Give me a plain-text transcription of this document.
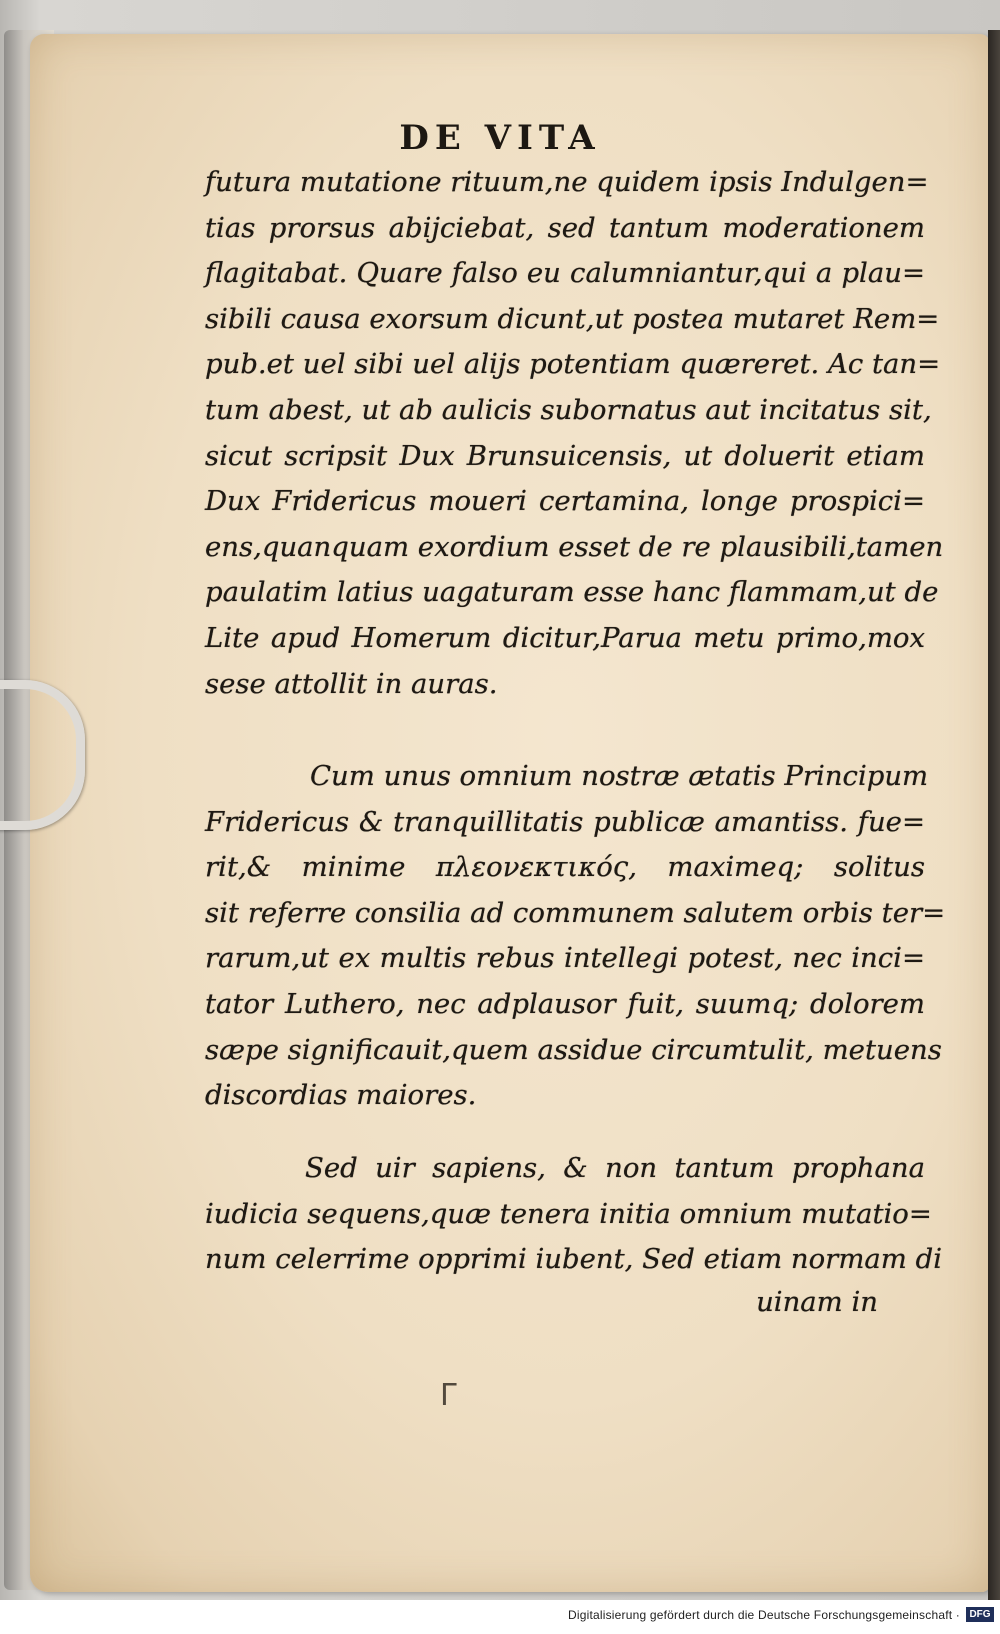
DE VITA
futura mutatione rituum,ne quidem ipsis Indulgen=
tias prorsus abijciebat, sed tantum moderationem
flagitabat. Quare falso eu calumniantur,qui a plau=
sibili causa exorsum dicunt,ut postea mutaret Rem=
pub.et uel sibi uel alijs potentiam quæreret. Ac tan=
tum abest, ut ab aulicis subornatus aut incitatus sit,
sicut scripsit Dux Brunsuicensis, ut doluerit etiam
Dux Fridericus moueri certamina, longe prospici=
ens,quanquam exordium esset de re plausibili,tamen
paulatim latius uagaturam esse hanc flammam,ut de
Lite apud Homerum dicitur,Parua metu primo,mox
sese attollit in auras.
Cum unus omnium nostræ ætatis Principum
Fridericus & tranquillitatis publicæ amantiss. fue=
rit,& minime πλεονεκτικός, maximeq; solitus
sit referre consilia ad communem salutem orbis ter=
rarum,ut ex multis rebus intellegi potest, nec inci=
tator Luthero, nec adplausor fuit, suumq; dolorem
sæpe significauit,quem assidue circumtulit, metuens
discordias maiores.
Sed uir sapiens, & non tantum prophana
iudicia sequens,quæ tenera initia omnium mutatio=
num celerrime opprimi iubent, Sed etiam normam di
uinam in
ᒥ
Digitalisierung gefördert durch die Deutsche Forschungsgemeinschaft · DFG
